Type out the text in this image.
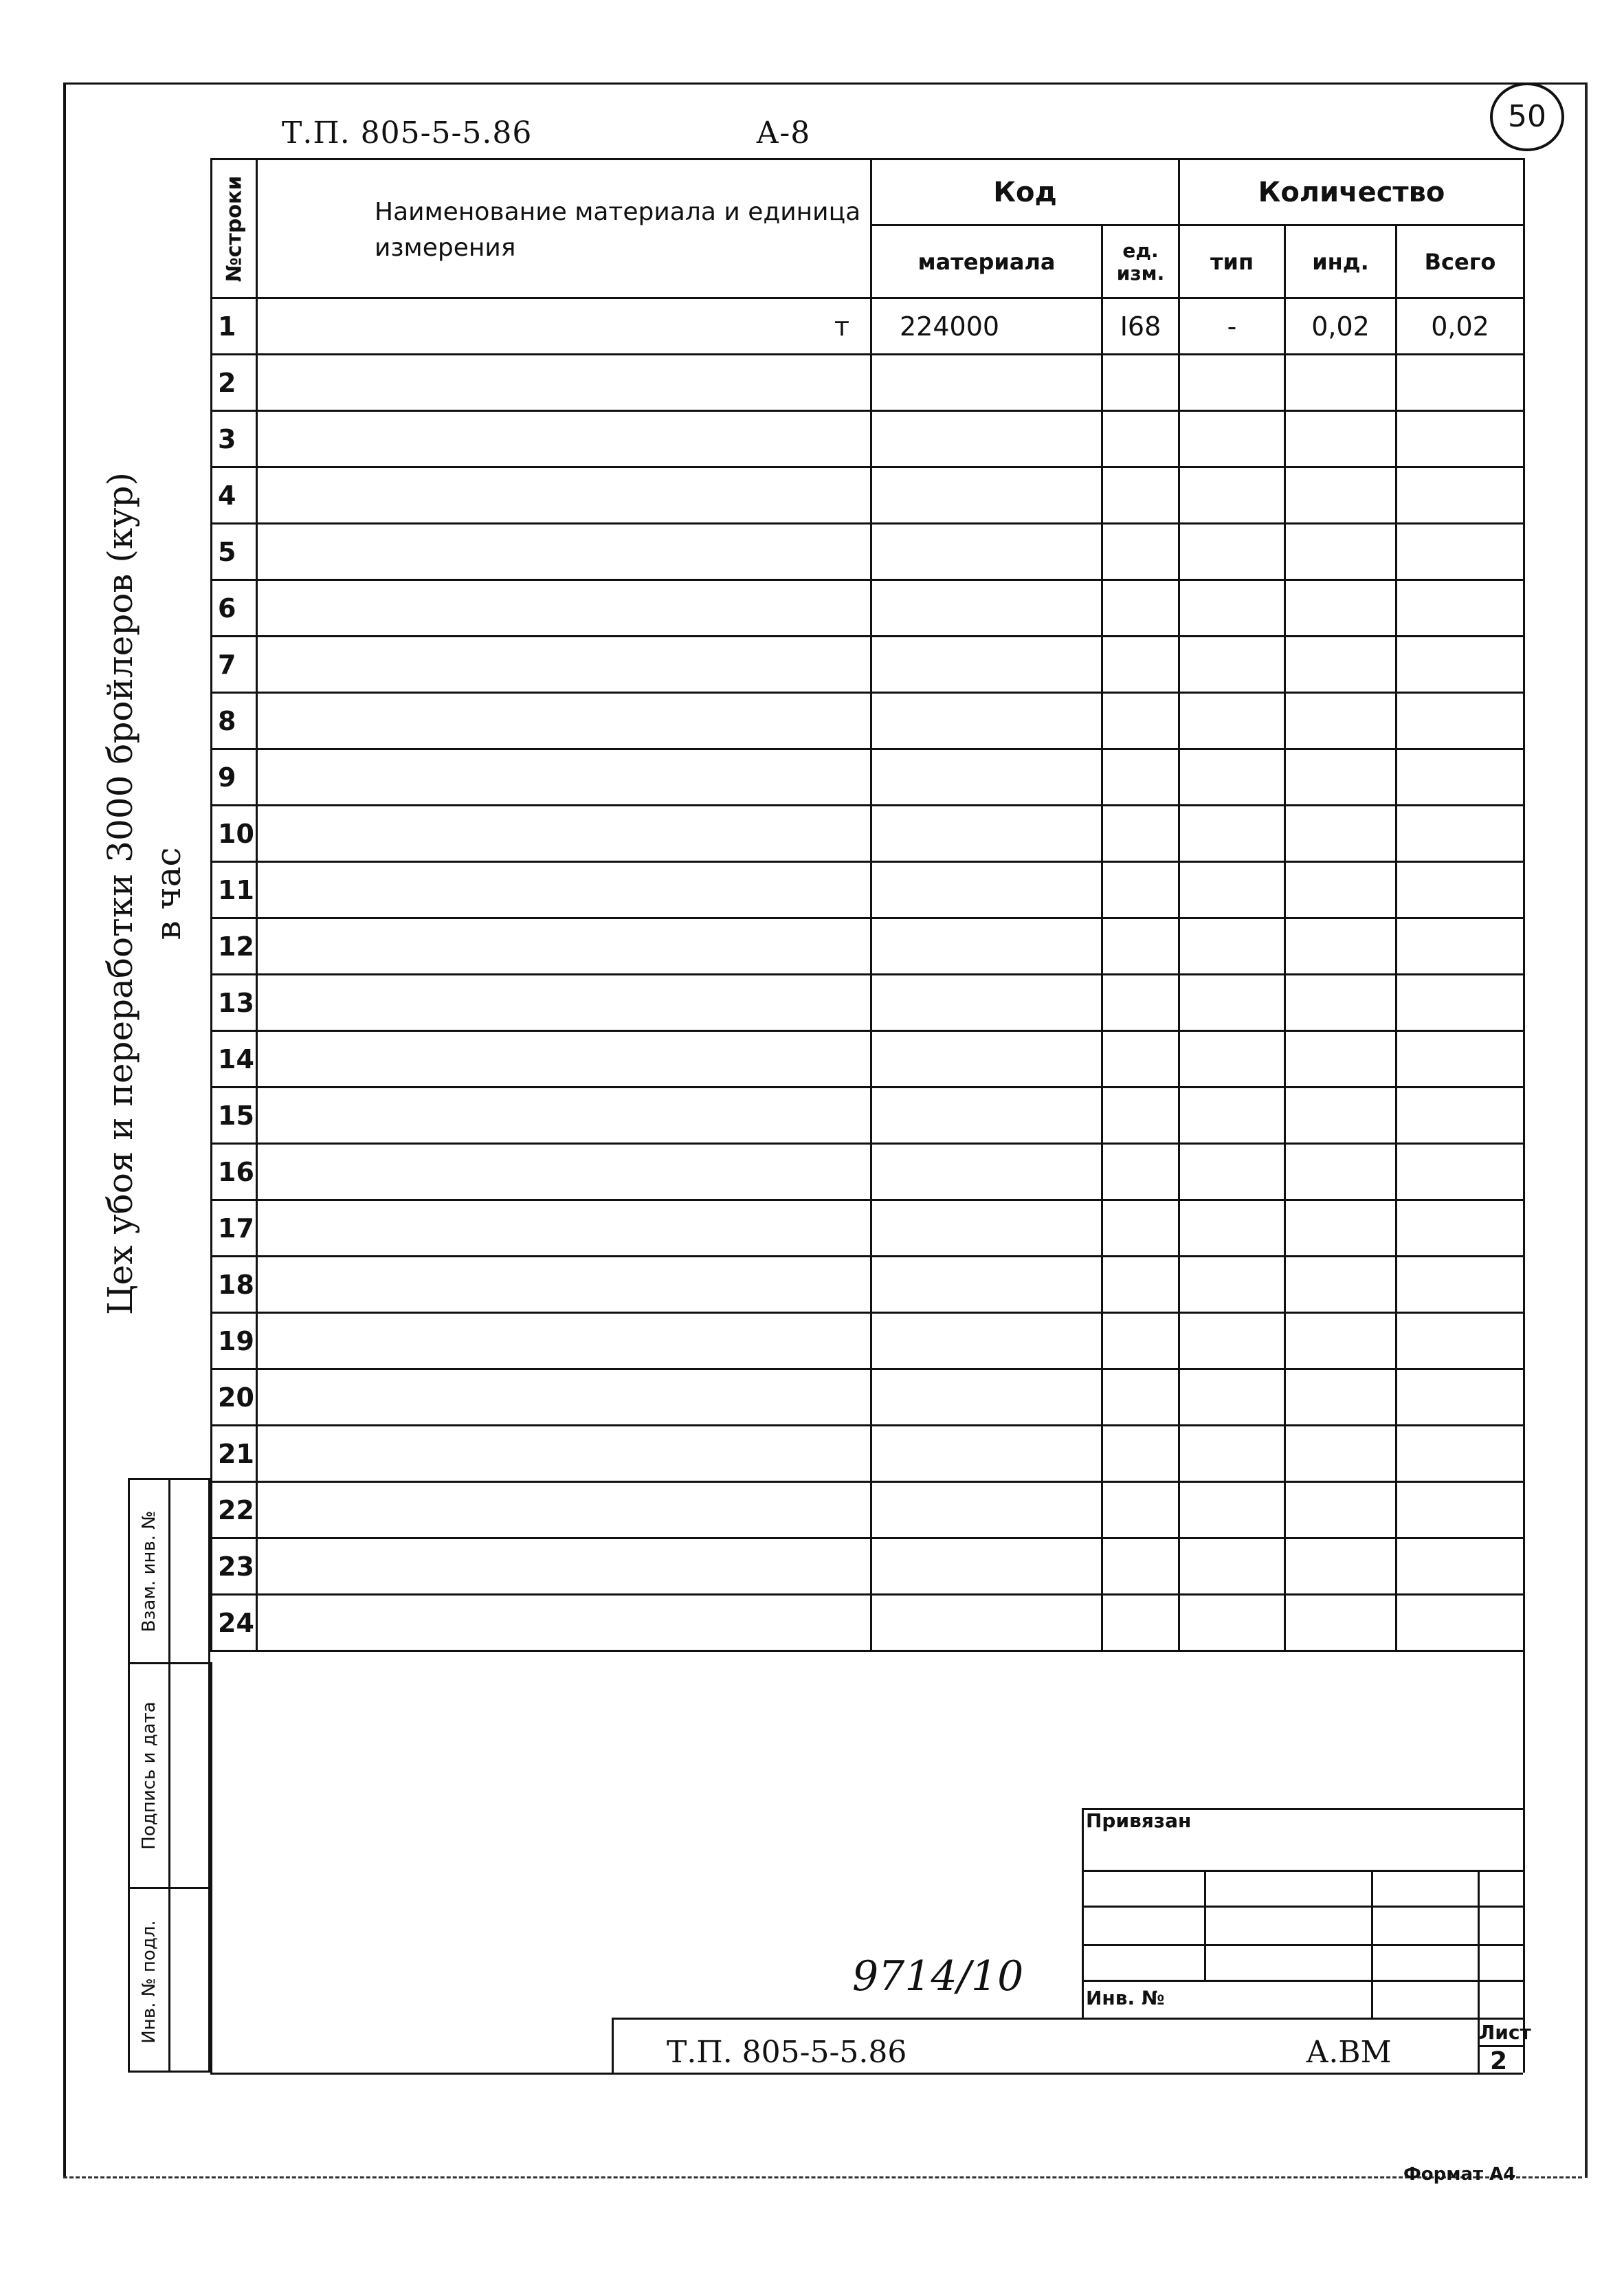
Т.П. 805-5-5.86	А-8	50
Цех убоя и переработки 3000 бройлеров (кур) в час
№строки	Наименование материала и единица измерения	Код		Количество		
		материала	ед. изм.	тип	инд.	Всего
1	т	224000	I68	-	0,02	0,02
2						
3						
4						
5						
6						
7						
8						
9						
10						
11						
12						
13						
14						
15						
16						
17						
18						
19						
20						
21						
22						
23						
24						
Взам. инв. №
Подпись и дата
Инв. № подл.
Привязан
Инв. №
9714/10
Т.П. 805-5-5.86	А.ВМ
Лист
2
Формат А4
